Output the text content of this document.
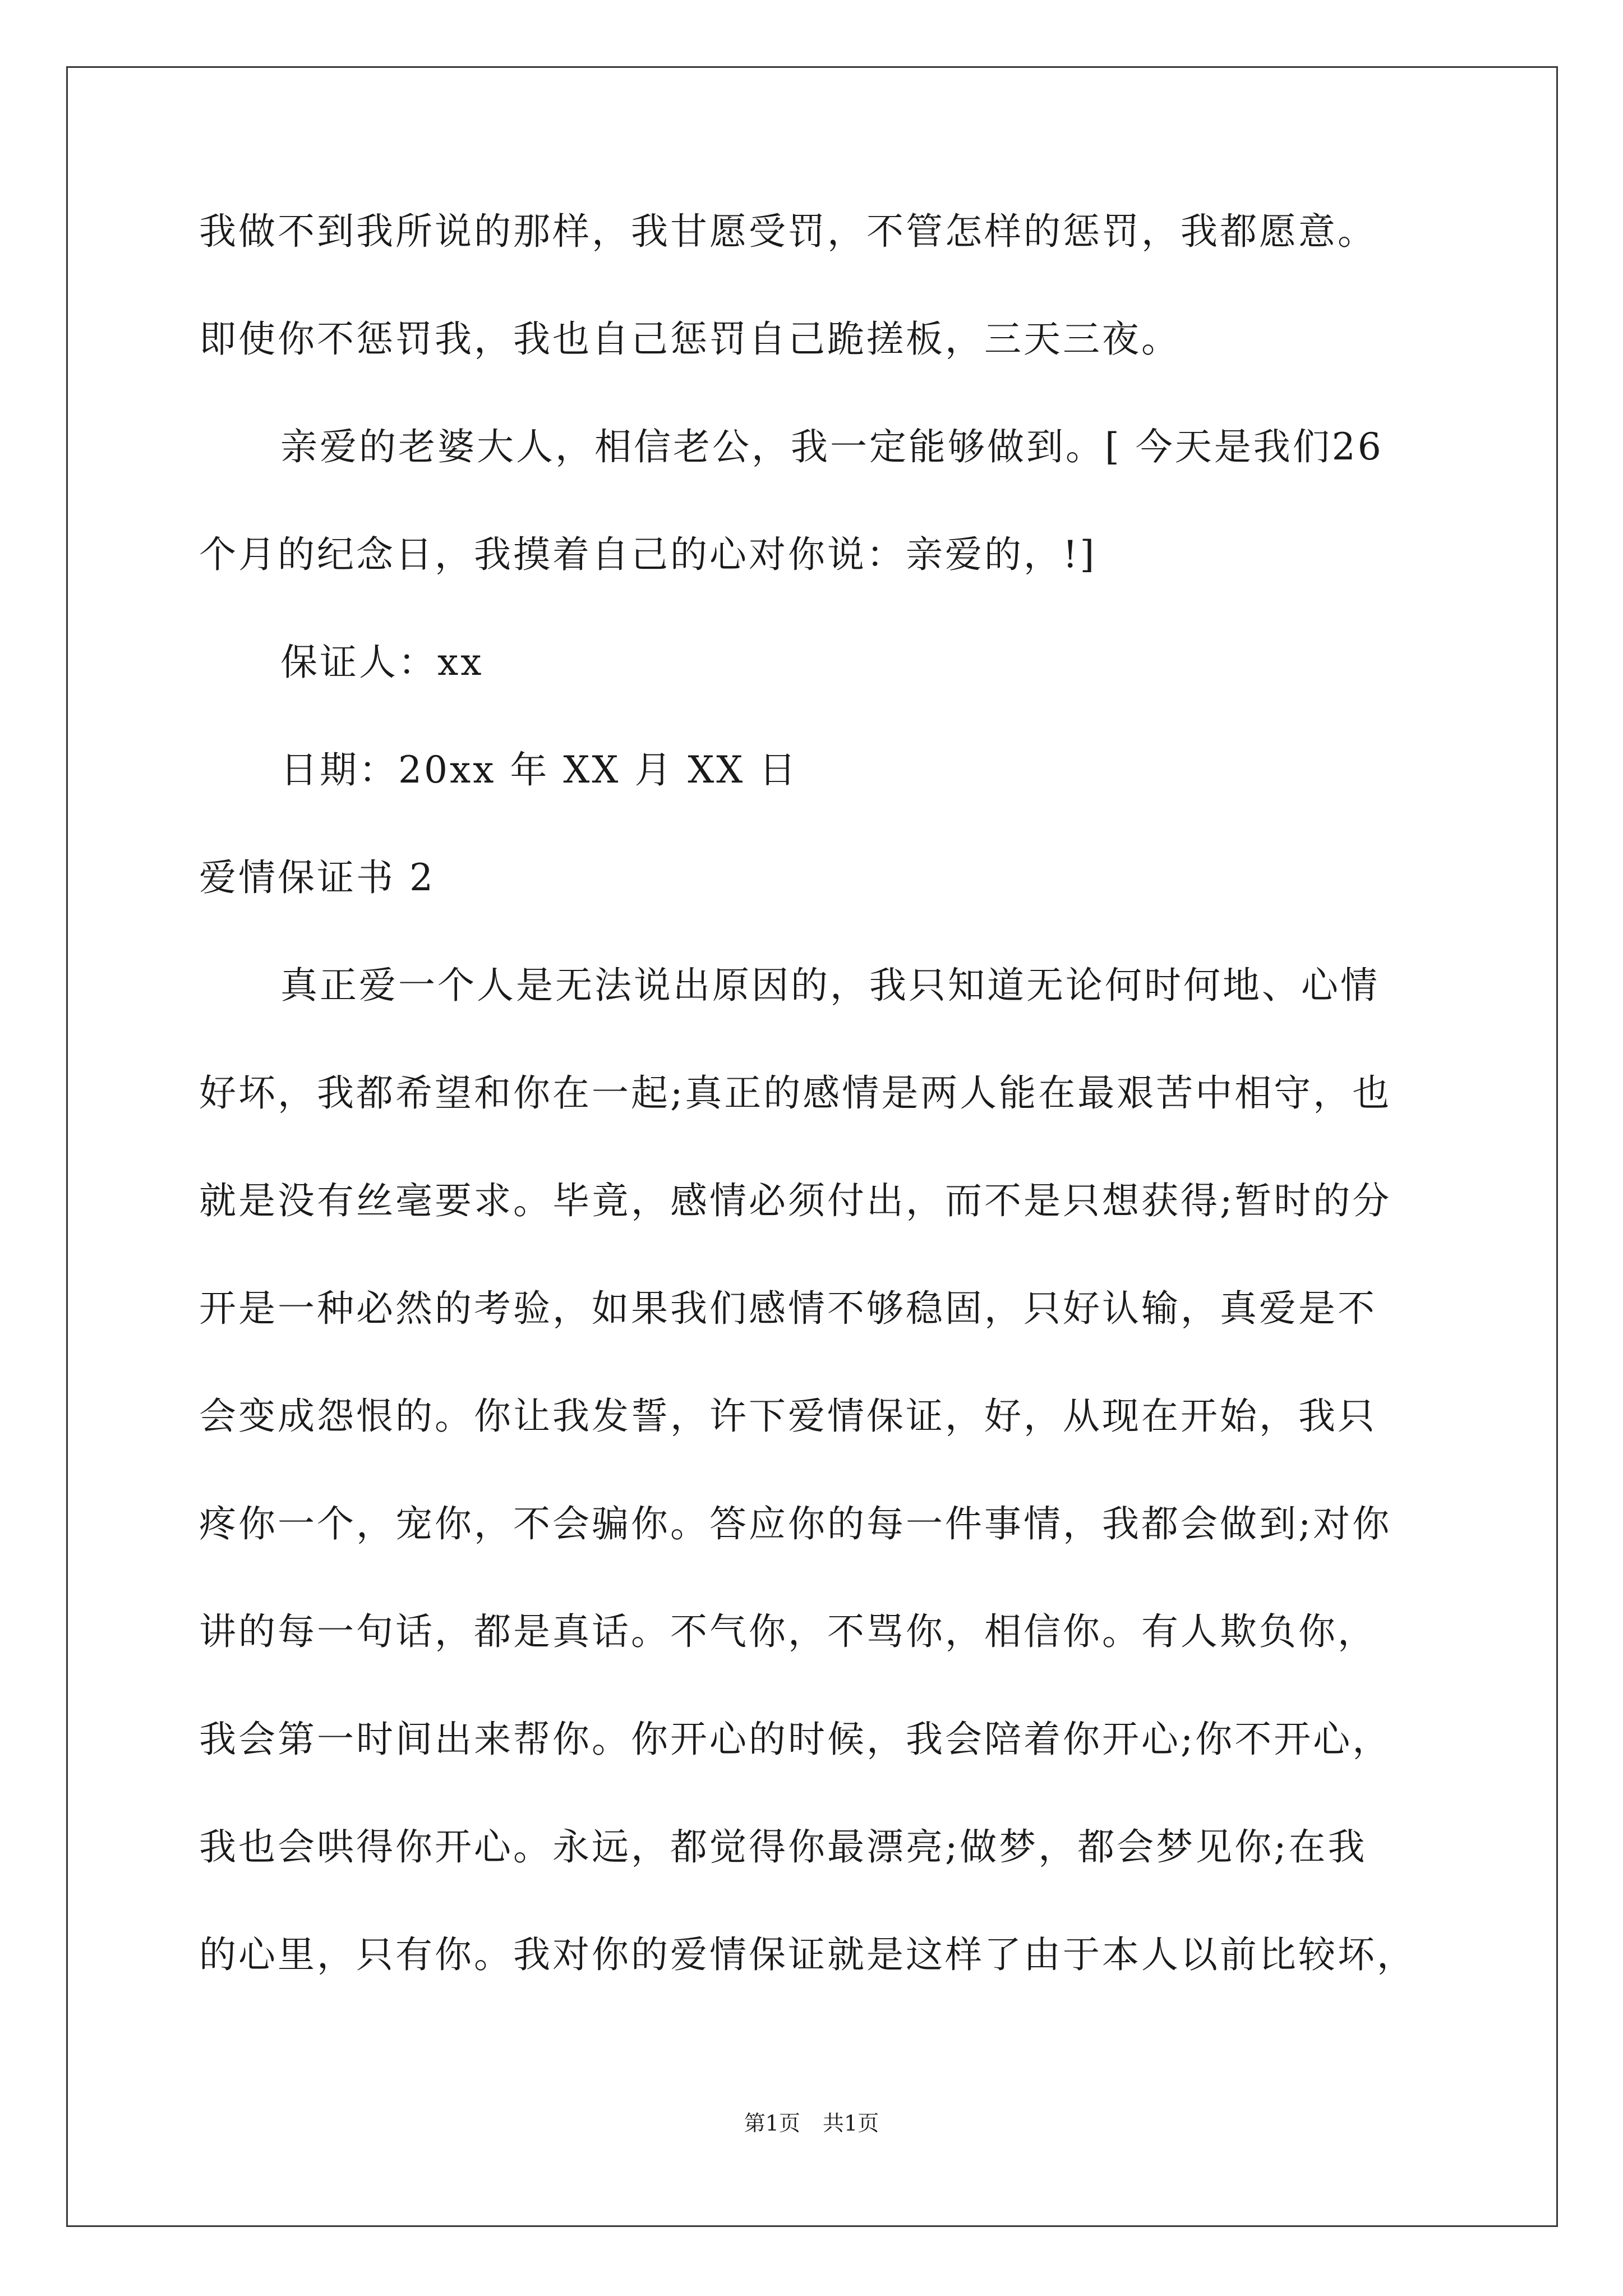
我做不到我所说的那样，我甘愿受罚，不管怎样的惩罚，我都愿意。
即使你不惩罚我，我也自己惩罚自己跪搓板，三天三夜。
亲爱的老婆大人，相信老公，我一定能够做到。[ 今天是我们26
个月的纪念日，我摸着自己的心对你说：亲爱的，!]
保证人：xx
日期：20xx 年 XX 月 XX 日
爱情保证书 2
真正爱一个人是无法说出原因的，我只知道无论何时何地、心情
好坏，我都希望和你在一起;真正的感情是两人能在最艰苦中相守，也
就是没有丝毫要求。毕竟，感情必须付出，而不是只想获得;暂时的分
开是一种必然的考验，如果我们感情不够稳固，只好认输，真爱是不
会变成怨恨的。你让我发誓，许下爱情保证，好，从现在开始，我只
疼你一个，宠你，不会骗你。答应你的每一件事情，我都会做到;对你
讲的每一句话，都是真话。不气你，不骂你，相信你。有人欺负你，
我会第一时间出来帮你。你开心的时候，我会陪着你开心;你不开心，
我也会哄得你开心。永远，都觉得你最漂亮;做梦，都会梦见你;在我
的心里，只有你。我对你的爱情保证就是这样了由于本人以前比较坏，
第1页 共1页
